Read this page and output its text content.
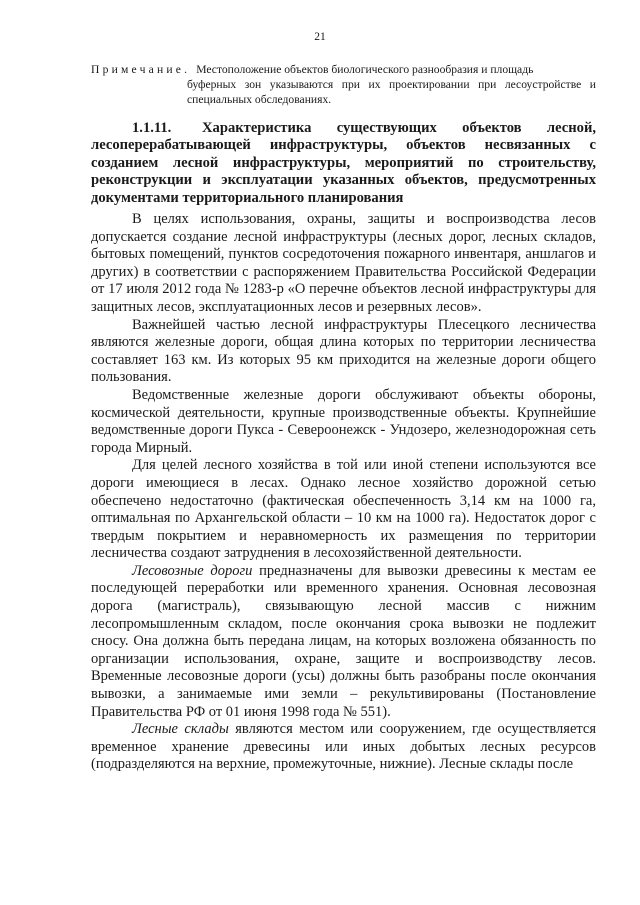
21
Примечание. Местоположение объектов биологического разнообразия и площадь
буферных зон указываются при их проектировании при лесоустройстве и специальных обследованиях.
1.1.11. Характеристика существующих объектов лесной, лесоперерабатывающей инфраструктуры, объектов несвязанных с созданием лесной инфраструктуры, мероприятий по строительству, реконструкции и эксплуатации указанных объектов, предусмотренных документами территориального планирования

В целях использования, охраны, защиты и воспроизводства лесов допускается создание лесной инфраструктуры (лесных дорог, лесных складов, бытовых помещений, пунктов сосредоточения пожарного инвентаря, аншлагов и других) в соответствии с распоряжением Правительства Российской Федерации от 17 июля 2012 года № 1283-р «О перечне объектов лесной инфраструктуры для защитных лесов, эксплуатационных лесов и резервных лесов».

Важнейшей частью лесной инфраструктуры Плесецкого лесничества являются железные дороги, общая длина которых по территории лесничества составляет 163 км. Из которых 95 км приходится на железные дороги общего пользования.

Ведомственные железные дороги обслуживают объекты обороны, космической деятельности, крупные производственные объекты. Крупнейшие ведомственные дороги Пукса - Североонежск - Ундозеро, железнодорожная сеть города Мирный.

Для целей лесного хозяйства в той или иной степени используются все дороги имеющиеся в лесах. Однако лесное хозяйство дорожной сетью обеспечено недостаточно (фактическая обеспеченность 3,14 км на 1000 га, оптимальная по Архангельской области – 10 км на 1000 га). Недостаток дорог с твердым покрытием и неравномерность их размещения по территории лесничества создают затруднения в лесохозяйственной деятельности.

Лесовозные дороги предназначены для вывозки древесины к местам ее последующей переработки или временного хранения. Основная лесовозная дорога (магистраль), связывающую лесной массив с нижним лесопромышленным складом, после окончания срока вывозки не подлежит сносу. Она должна быть передана лицам, на которых возложена обязанность по организации использования, охране, защите и воспроизводству лесов. Временные лесовозные дороги (усы) должны быть разобраны после окончания вывозки, а занимаемые ими земли – рекультивированы (Постановление Правительства РФ от 01 июня 1998 года № 551).

Лесные склады являются местом или сооружением, где осуществляется временное хранение древесины или иных добытых лесных ресурсов (подразделяются на верхние, промежуточные, нижние). Лесные склады после
